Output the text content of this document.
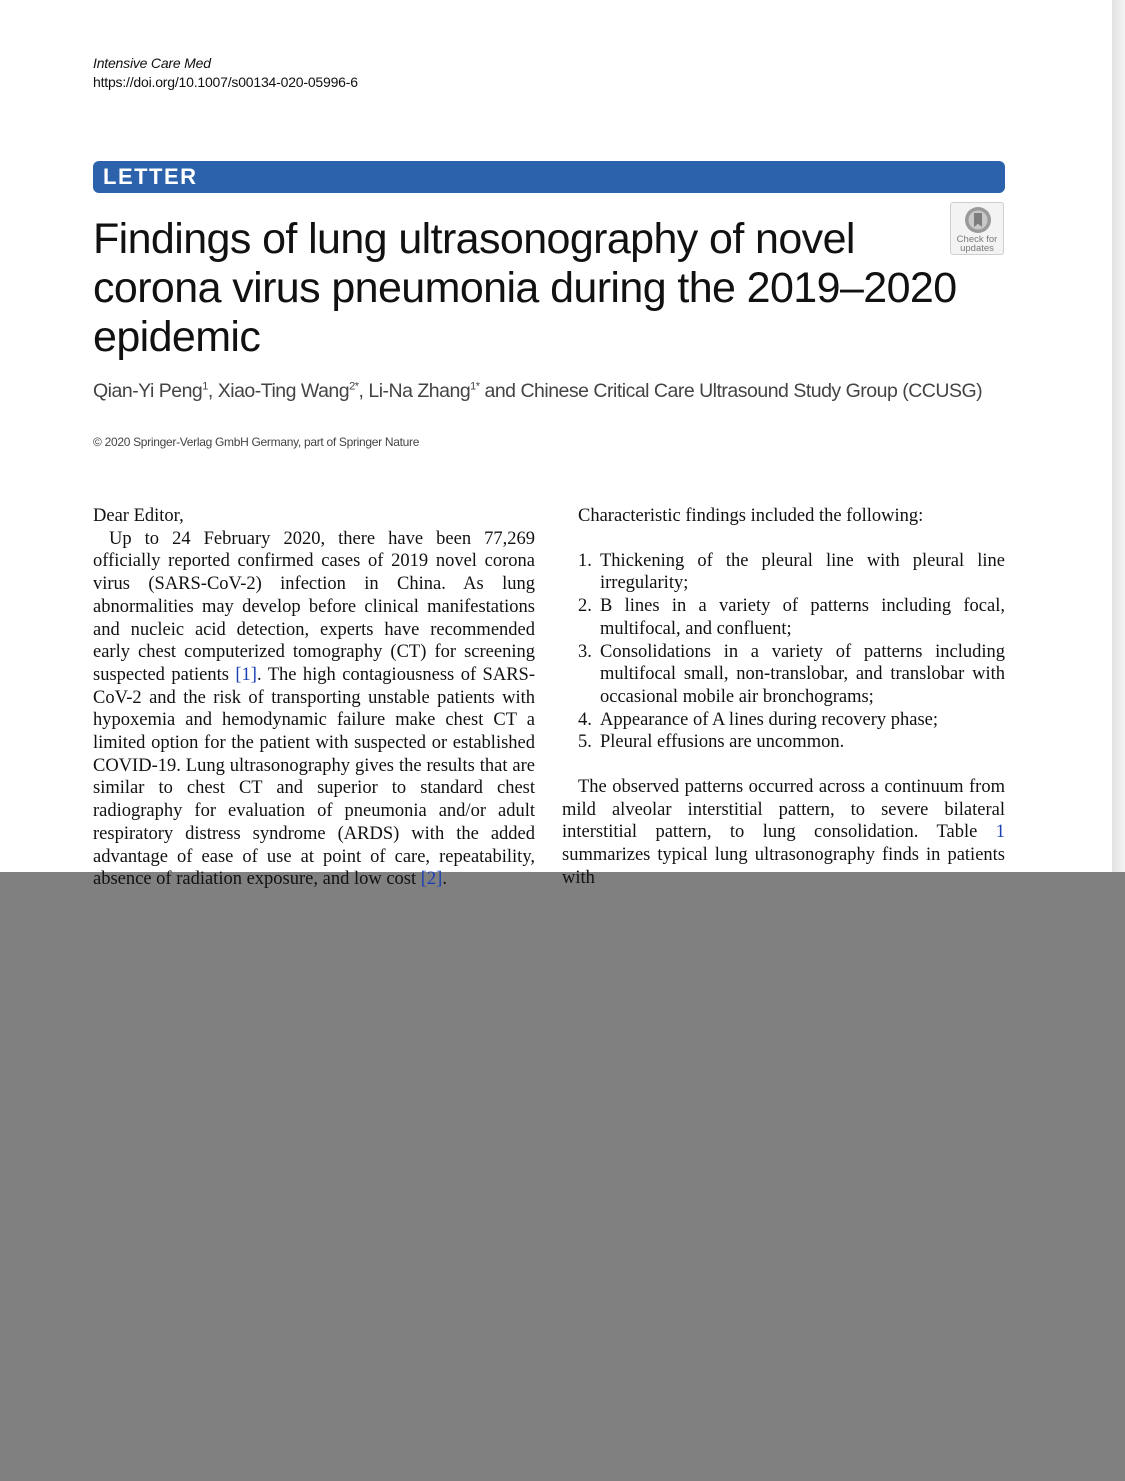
Intensive Care Med
https://doi.org/10.1007/s00134-020-05996-6
LETTER
Check for
updates
Findings of lung ultrasonography of novel corona virus pneumonia during the 2019–2020 epidemic
Qian-Yi Peng$^1$, Xiao-Ting Wang$^{2*}$, Li-Na Zhang$^{1*}$ and Chinese Critical Care Ultrasound Study Group (CCUSG)
© 2020 Springer-Verlag GmbH Germany, part of Springer Nature

Dear Editor,

Up to 24 February 2020, there have been 77,269 officially reported confirmed cases of 2019 novel corona virus (SARS-CoV-2) infection in China. As lung abnormalities may develop before clinical manifestations and nucleic acid detection, experts have recommended early chest computerized tomography (CT) for screening suspected patients [1]. The high contagiousness of SARS-CoV-2 and the risk of transporting unstable patients with hypoxemia and hemodynamic failure make chest CT a limited option for the patient with suspected or established COVID-19. Lung ultrasonography gives the results that are similar to chest CT and superior to standard chest radiography for evaluation of pneumonia and/or adult respiratory distress syndrome (ARDS) with the added advantage of ease of use at point of care, repeatability, absence of radiation exposure, and low cost [2].

Characteristic findings included the following:

1. Thickening of the pleural line with pleural line irregularity;
2. B lines in a variety of patterns including focal, multifocal, and confluent;
3. Consolidations in a variety of patterns including multifocal small, non-translobar, and translobar with occasional mobile air bronchograms;
4. Appearance of A lines during recovery phase;
5. Pleural effusions are uncommon.

The observed patterns occurred across a continuum from mild alveolar interstitial pattern, to severe bilateral interstitial pattern, to lung consolidation. Table 1 summarizes typical lung ultrasonography finds in patients with
